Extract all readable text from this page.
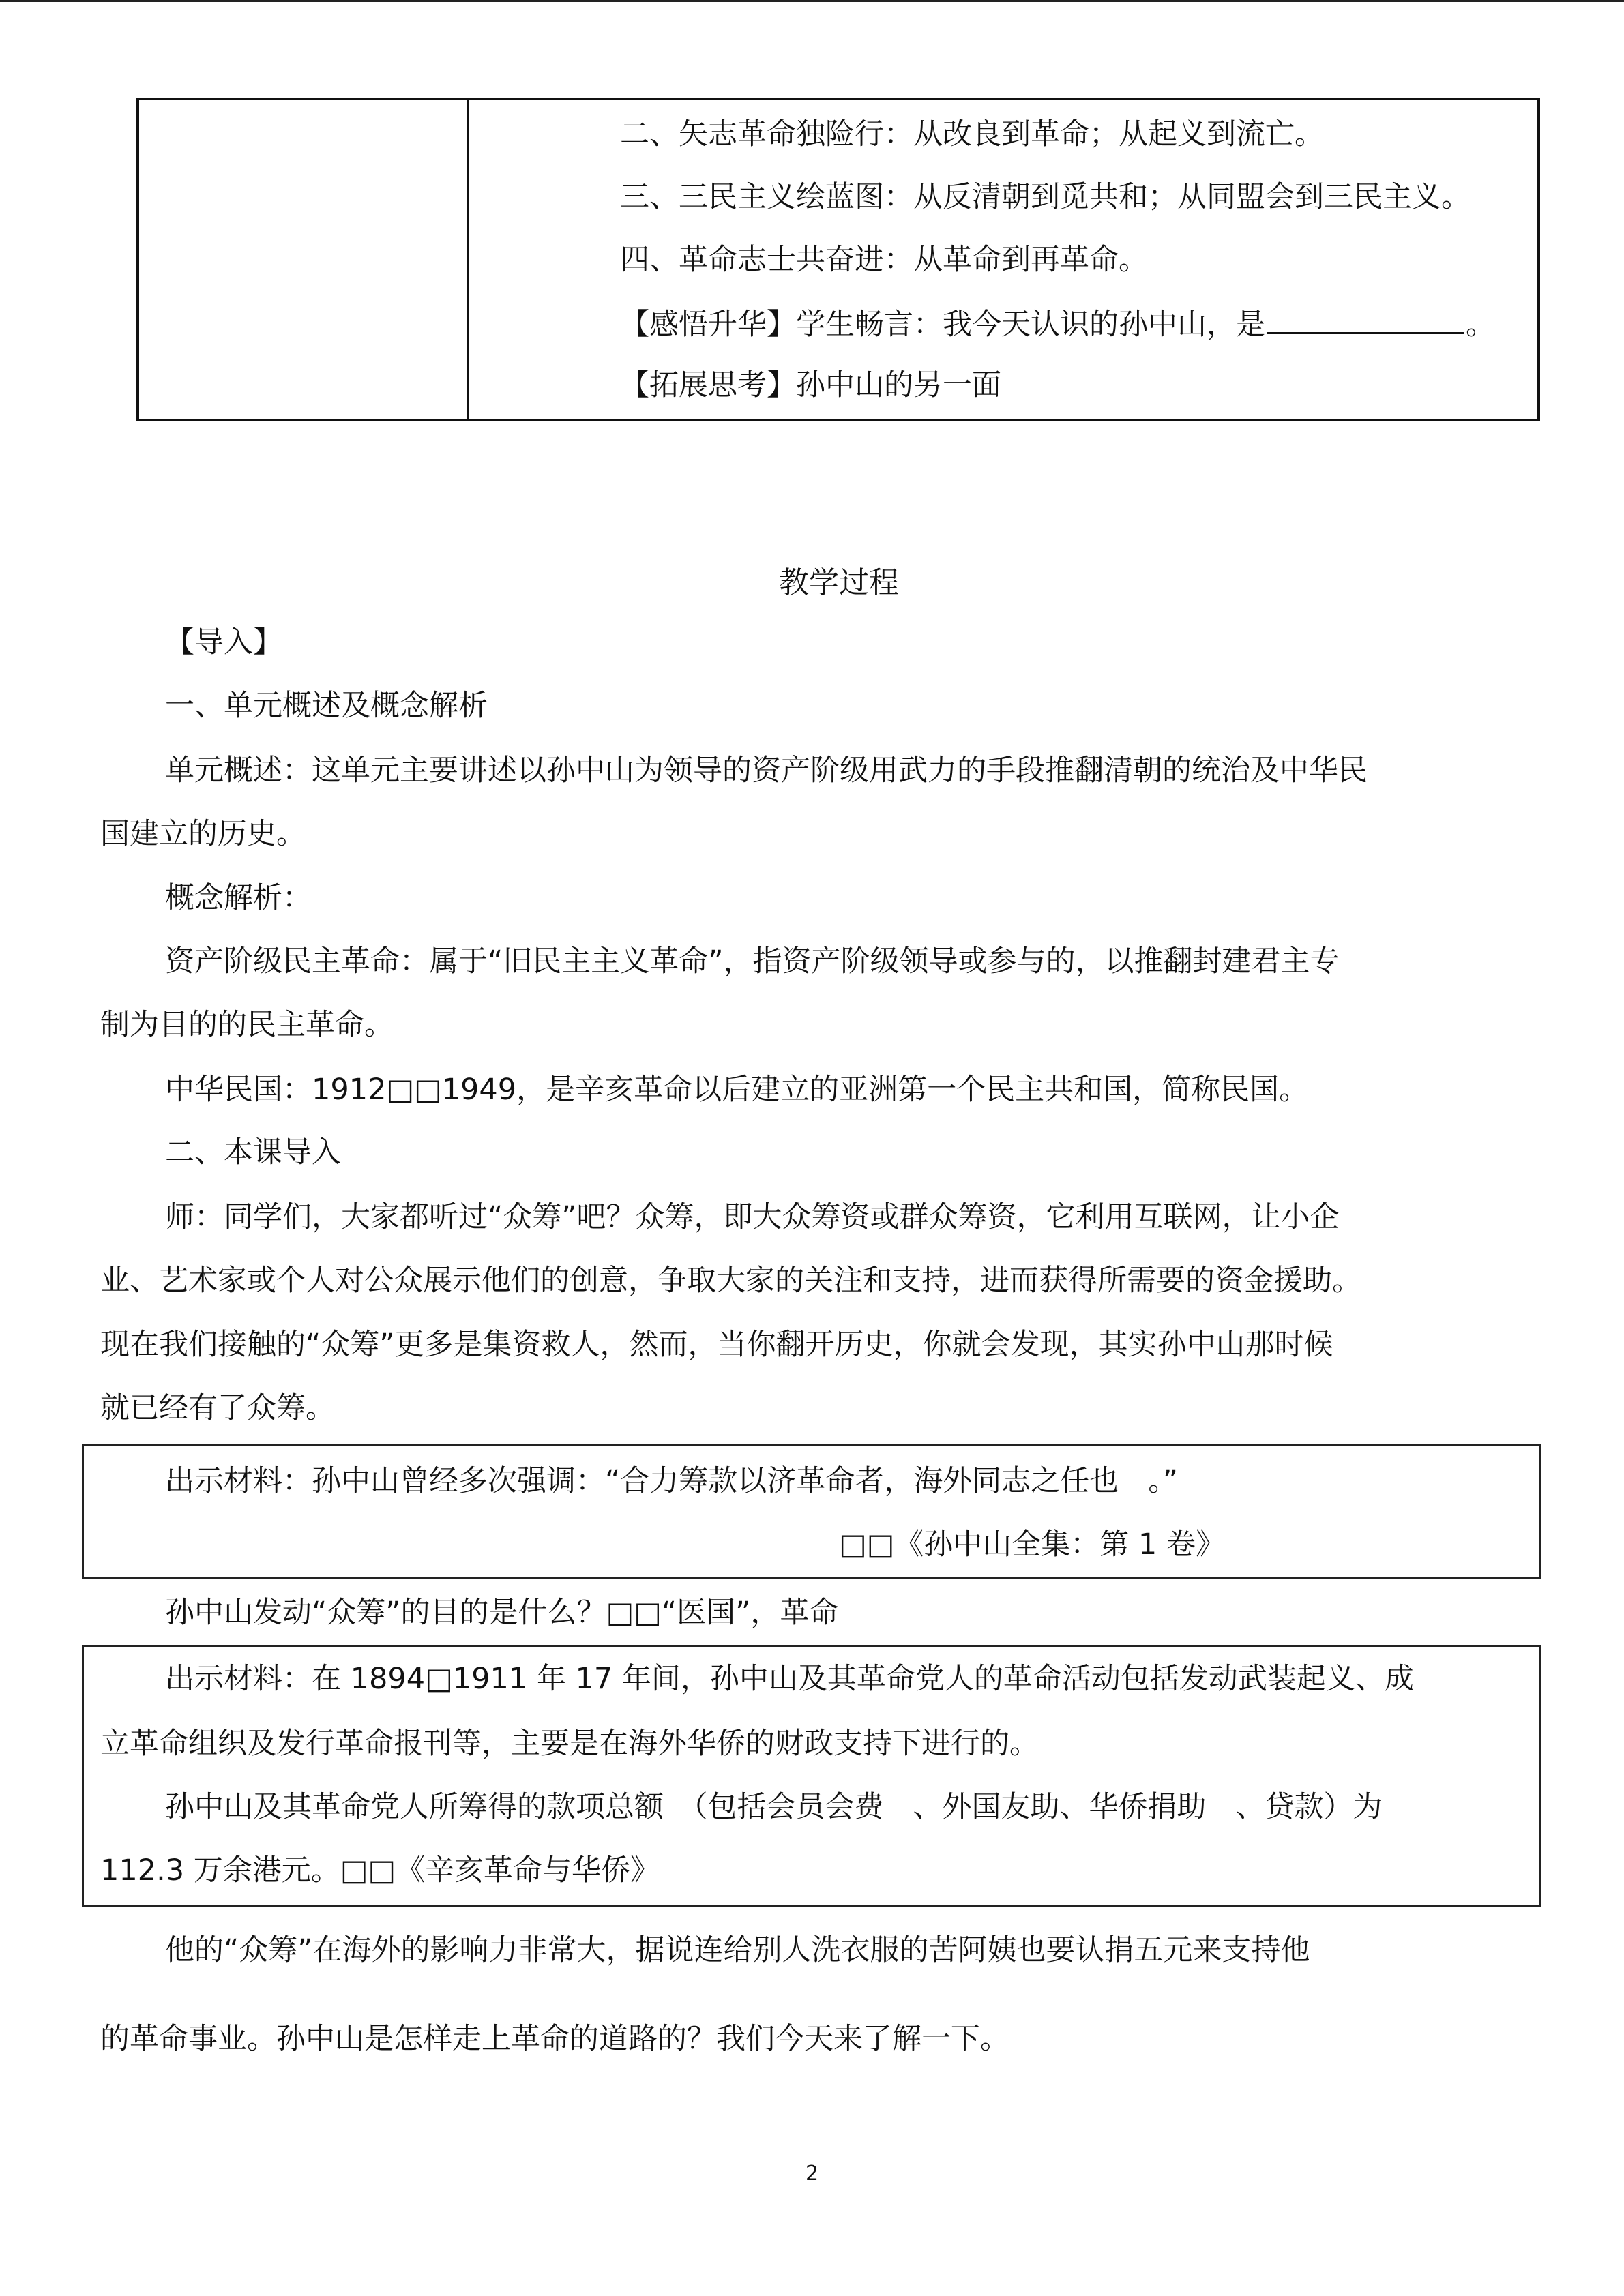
二、矢志革命独险行：从改良到革命；从起义到流亡。
三、三民主义绘蓝图：从反清朝到觅共和；从同盟会到三民主义。
四、革命志士共奋进：从革命到再革命。
【感悟升华】学生畅言：我今天认识的孙中山，是	。
【拓展思考】孙中山的另一面
教学过程
【导入】
一、单元概述及概念解析
单元概述：这单元主要讲述以孙中山为领导的资产阶级用武力的手段推翻清朝的统治及中华民
国建立的历史。
概念解析：
资产阶级民主革命：属于“旧民主主义革命”，指资产阶级领导或参与的，以推翻封建君主专
制为目的的民主革命。
中华民国：1912□□1949，是辛亥革命以后建立的亚洲第一个民主共和国，简称民国。
二、本课导入
师：同学们，大家都听过“众筹”吧？众筹，即大众筹资或群众筹资，它利用互联网，让小企
业、艺术家或个人对公众展示他们的创意，争取大家的关注和支持，进而获得所需要的资金援助。
现在我们接触的“众筹”更多是集资救人，然而，当你翻开历史，你就会发现，其实孙中山那时候
就已经有了众筹。
出示材料：孙中山曾经多次强调：“合力筹款以济革命者，海外同志之任也　。”
□□《孙中山全集：第 1 卷》
孙中山发动“众筹”的目的是什么？□□“医国”，革命
出示材料：在 1894□1911 年 17 年间，孙中山及其革命党人的革命活动包括发动武装起义、成
立革命组织及发行革命报刊等，主要是在海外华侨的财政支持下进行的。
孙中山及其革命党人所筹得的款项总额　（包括会员会费　、外国友助、华侨捐助　、贷款）为
112.3 万余港元。□□《辛亥革命与华侨》
他的“众筹”在海外的影响力非常大，据说连给别人洗衣服的苦阿姨也要认捐五元来支持他
的革命事业。孙中山是怎样走上革命的道路的？我们今天来了解一下。
2
